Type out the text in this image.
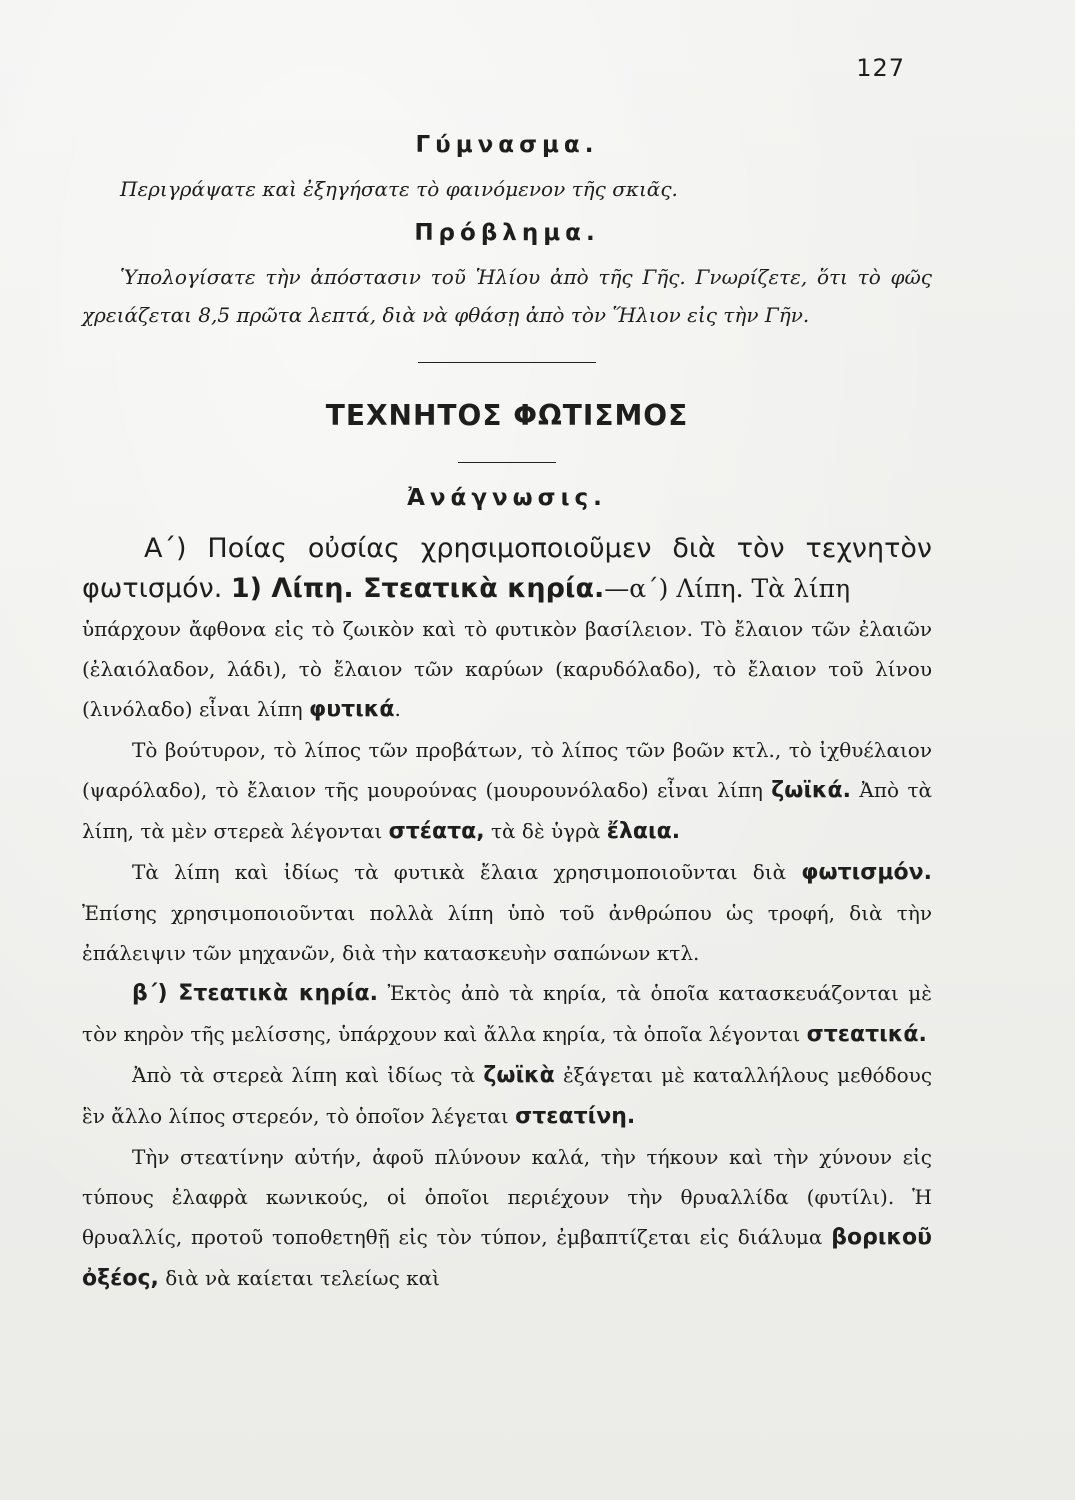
127
Γύμνασμα.

Περιγράψατε καὶ ἐξηγήσατε τὸ φαινόμενον τῆς σκιᾶς.

Πρόβλημα.

Ὑπολογίσατε τὴν ἀπόστασιν τοῦ Ἡλίου ἀπὸ τῆς Γῆς. Γνωρίζετε, ὅτι τὸ φῶς χρειάζεται 8,5 πρῶτα λεπτά, διὰ νὰ φθάσῃ ἀπὸ τὸν Ἥλιον εἰς τὴν Γῆν.

ΤΕΧΝΗΤΟΣ ΦΩΤΙΣΜΟΣ
Ἀνάγνωσις.

Α΄) Ποίας οὐσίας χρησιμοποιοῦμεν διὰ τὸν τεχνητὸν φωτισμόν. 1) Λίπη. Στεατικὰ κηρία.—α΄) Λίπη. Τὰ λίπη

ὑπάρχουν ἄφθονα εἰς τὸ ζωικὸν καὶ τὸ φυτικὸν βασίλειον. Τὸ ἔλαιον τῶν ἐλαιῶν (ἐλαιόλαδον, λάδι), τὸ ἔλαιον τῶν καρύων (καρυδόλαδο), τὸ ἔλαιον τοῦ λίνου (λινόλαδο) εἶναι λίπη φυτικά.

Τὸ βούτυρον, τὸ λίπος τῶν προβάτων, τὸ λίπος τῶν βοῶν κτλ., τὸ ἰχθυέλαιον (ψαρόλαδο), τὸ ἔλαιον τῆς μουρούνας (μουρουνόλαδο) εἶναι λίπη ζωϊκά. Ἀπὸ τὰ λίπη, τὰ μὲν στερεὰ λέγονται στέατα, τὰ δὲ ὑγρὰ ἔλαια.

Τὰ λίπη καὶ ἰδίως τὰ φυτικὰ ἔλαια χρησιμοποιοῦνται διὰ φωτισμόν. Ἐπίσης χρησιμοποιοῦνται πολλὰ λίπη ὑπὸ τοῦ ἀνθρώπου ὡς τροφή, διὰ τὴν ἐπάλειψιν τῶν μηχανῶν, διὰ τὴν κατασκευὴν σαπώνων κτλ.

β΄) Στεατικὰ κηρία. Ἐκτὸς ἀπὸ τὰ κηρία, τὰ ὁποῖα κατασκευάζονται μὲ τὸν κηρὸν τῆς μελίσσης, ὑπάρχουν καὶ ἄλλα κηρία, τὰ ὁποῖα λέγονται στεατικά.

Ἀπὸ τὰ στερεὰ λίπη καὶ ἰδίως τὰ ζωϊκὰ ἐξάγεται μὲ καταλλήλους μεθόδους ἓν ἄλλο λίπος στερεόν, τὸ ὁποῖον λέγεται στεατίνη.

Τὴν στεατίνην αὐτήν, ἀφοῦ πλύνουν καλά, τὴν τήκουν καὶ τὴν χύνουν εἰς τύπους ἐλαφρὰ κωνικούς, οἱ ὁποῖοι περιέχουν τὴν θρυαλλίδα (φυτίλι). Ἡ θρυαλλίς, προτοῦ τοποθετηθῇ εἰς τὸν τύπον, ἐμβαπτίζεται εἰς διάλυμα βορικοῦ ὀξέος, διὰ νὰ καίεται τελείως καὶ
